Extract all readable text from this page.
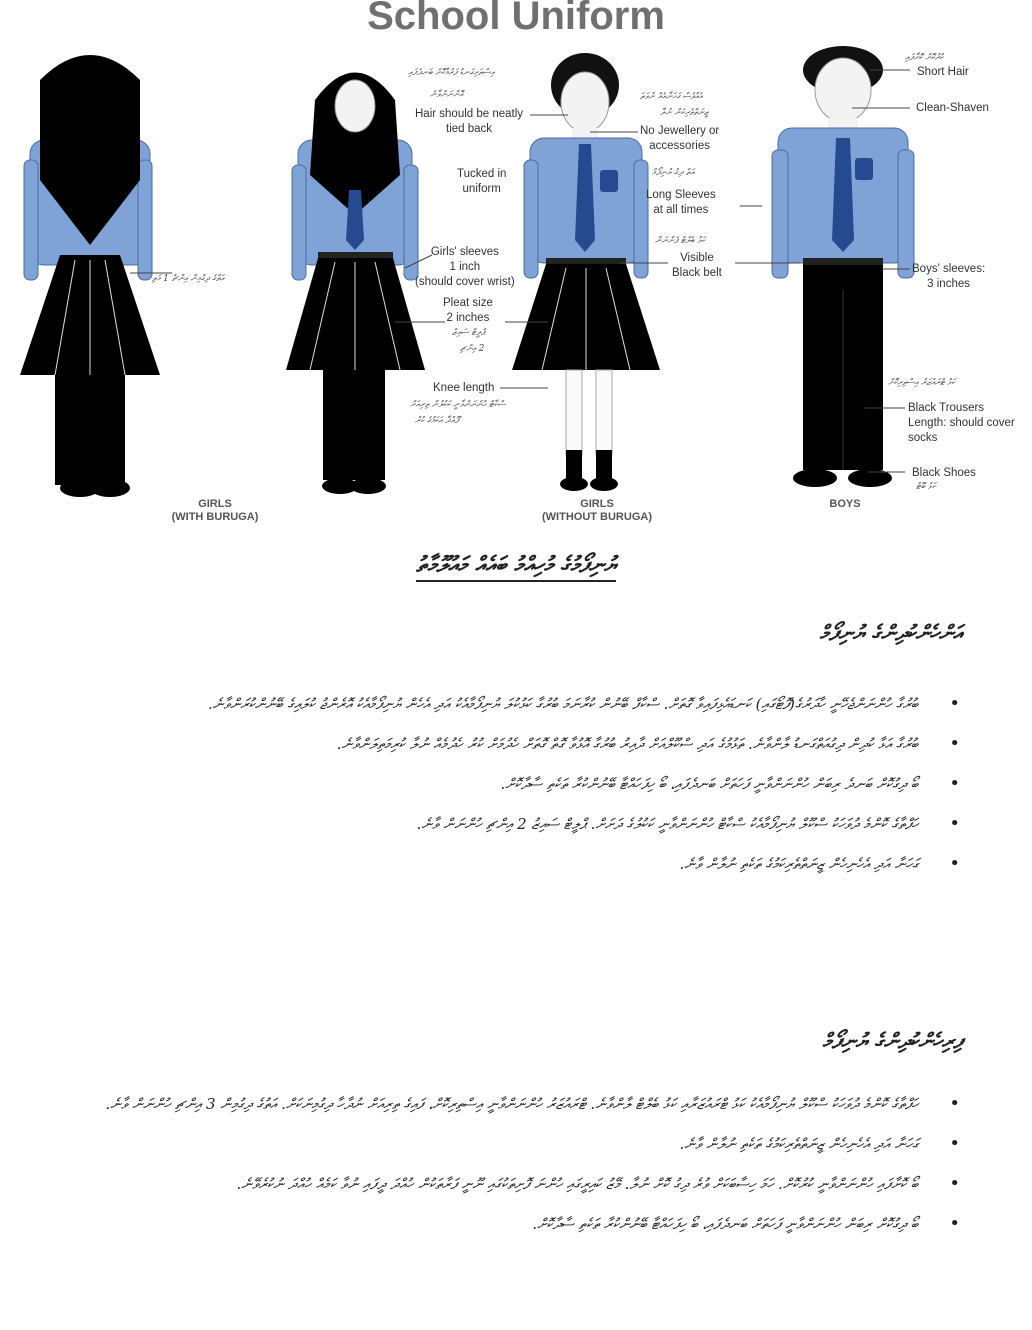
School Uniform
Hair should be neatly
tied back
Tucked in
uniform
Girls' sleeves
1 inch
(should cover wrist)
Pleat size
2 inches
Knee length
No Jewellery or
accessories
Long Sleeves
at all times
Visible
Black belt
Short Hair
Clean-Shaven
Boys' sleeves:
3 inches
Black Trousers
Length: should cover socks
Black Shoes
އިސްތަށިގަނޑު ފަރުމާކޮށް ބަނދެފައި
އޮންނަންވާނެ	އެއްވެސް ގަހަނާއެއް ނުވަތަ
ޒީނަތްތެރިކަން ނުލާ
އަތް ދިގު ޔުނިފޯމް
ކަޅު ބެލްޓް ފެންނަން
އަތްގެ ދިގުމިން އިންޗު 1 މަތި
ޕްލީޓް ސައިޒް
2 އިންޗި
ސްކާޓް ހުންނަންވާނީ ކަކުލުން ތިރިއަށް
ފޫއްދާ އަކަމުގެ ކުރު
ކުރުކޮށް ކޮށާފައި
ކަޅު ޓްރައުޒަރު އިސްތިރިކޮށް
ކަޅު ބޫޓު
GIRLS
(WITH BURUGA)
GIRLS
(WITHOUT BURUGA)
BOYS
ޔުނިފޯމުގެ މުހިއްމު ބައެއް މައުލޫމާތު
އަންހެންކުދިންގެ ޔުނިފޯމް
• ބުރުގާ ހުންނަންޖެހޭނީ ހާދަރުގެ(ފޮޓޯގައި) ކަނޑައެޅިފައިވާ ގޮތަށް. ސްކާފް ބޭނުން ކުރާނަމަ ބުރުގާ ކަޅުކުލަ ޔުނިފޯމާއެކު އަދި އެހެން ޔުނިފޯމާއެކު އޮރެންޖު ކުލައިގެ ބޭނުންކުރަންވާނެ.
• ބުރުގާ އަޅާ ކުދިން ދިގުއަތްގަނޑު ލާންވާނެ. ތަޅުމުގެ އަދި ސްކޫލްއަށް ދާއިރު ބުރުގާ އޮޅުވާ ގޮތް ގޮތަށް ހެދުމަށް ކުރު ހެދުމެއް ނުލާ ކުރިމަތިލަންވާނެ.
• ބޯ ދިގުކޮށް ބަނދެ ރިބަން ހުންނަންވާނީ ފަހަތަށް ބަނދެފައި، ބޯ ހިފަހައްޓާ ބޭނުންކުރާ ތަކެތި ސާދާކޮށް.
• ހަފްތާގެ ކޮންމެ ދުވަހަކު ސްކޫލް ޔުނިފޯމާއެކު ސްކާޓް ހުންނަންވާނީ ކަކުލުގެ ދަށަށް. ޕްލީޓް ސައިޒު 2 އިންޗި ހުންނަން ވާނެ.
• ގަހަނާ އަދި އެހެނިހެން ޒީނަތްތެރިކަމުގެ ތަކެތި ނުލާން ވާނެ.
ފިރިހެންކުދިންގެ ޔުނިފޯމް
• ހަފްތާގެ ކޮންމެ ދުވަހަކު ސްކޫލް ޔުނިފޯމާއެކު ކަޅު ޓްރައުޒަރާއި ކަޅު ބެލްޓް ލާންވާނެ. ޓްރައުޒަރު ހުންނަންވާނީ އިސްތިރިކޮށް، ފައިގެ ތިރިއަށް ނުދާހާ ދިގުމިނަކަށް. އަތުގެ ދިގުމިން 3 އިންޗި ހުންނަން ވާނެ.
• ގަހަނާ އަދި އެހެނިހެން ޒީނަތްތެރިކަމުގެ ތަކެތި ނުލާން ވާނެ.
• ބޯ ކޮށާފައި ހުންނަންވާނީ ކުރުކޮށް. ހަމަ ހިސާބަކަށް ވުރެ ދިގު ކޮށް ނުލާ. މޭޒު ކައިރީގައި ހުންނަ ފޮށިތަކުގައި ނޫނީ ފަރާތަކުން ހުއްދަ ދީފައި ނުވާ ކަމެއް ހުއްދަ ނުކުރެވޭނެ.
• ބޯ ދިގުކޮށް ރިބަން ހުންނަންވާނީ ފަހަތަށް ބަނދެފައި، ބޯ ހިފަހައްޓާ ބޭނުންކުރާ ތަކެތި ސާދާކޮށް.
